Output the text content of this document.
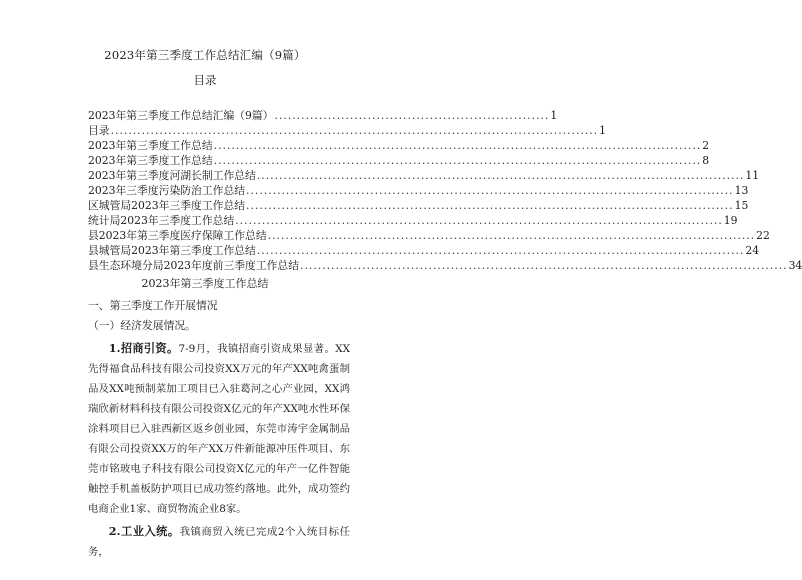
2023年第三季度工作总结汇编（9篇）
目录
2023年第三季度工作总结汇编（9篇） .............................................................. 1
目录 .............................................................................................................. 1
2023年第三季度工作总结 .............................................................................................................. 2
2023年第三季度工作总结 .............................................................................................................. 8
2023年第三季度河湖长制工作总结 .............................................................................................................. 11
2023年三季度污染防治工作总结 .............................................................................................................. 13
区城管局2023年三季度工作总结 .............................................................................................................. 15
统计局2023年三季度工作总结 .............................................................................................................. 19
县2023年第三季度医疗保障工作总结 .............................................................................................................. 22
县城管局2023年第三季度工作总结 .............................................................................................................. 24
县生态环境分局2023年度前三季度工作总结 .............................................................................................................. 34
2023年第三季度工作总结
一、第三季度工作开展情况
（一）经济发展情况。
1.招商引资。7-9月，我镇招商引资成果显著。XX先得福食品科技有限公司投资XX万元的年产XX吨禽蛋制品及XX吨预制菜加工项目已入驻葛河之心产业园，XX鸿瑞欣新材料科技有限公司投资X亿元的年产XX吨水性环保涂料项目已入驻西新区返乡创业园，东莞市涛宇金属制品有限公司投资XX万的年产XX万件新能源冲压件项目、东莞市铭玻电子科技有限公司投资X亿元的年产一亿件智能触控手机盖板防护项目已成功签约落地。此外，成功签约电商企业1家、商贸物流企业8家。
2.工业入统。我镇商贸入统已完成2个入统目标任务，
